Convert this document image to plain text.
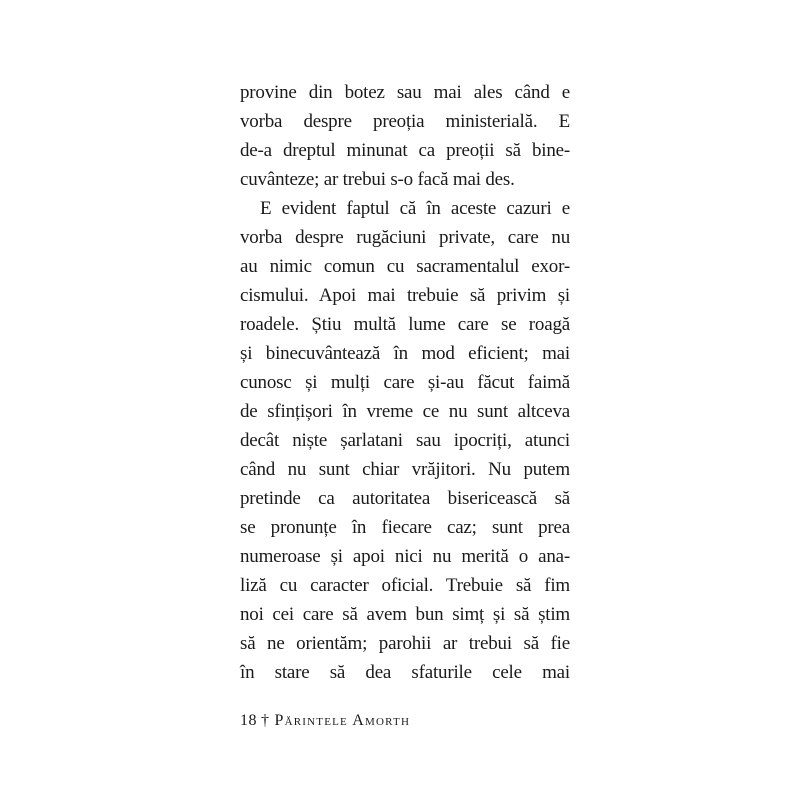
provine din botez sau mai ales când e
vorba despre preoția ministerială. E
de-a dreptul minunat ca preoții să bine-
cuvânteze; ar trebui s-o facă mai des.
E evident faptul că în aceste cazuri e
vorba despre rugăciuni private, care nu
au nimic comun cu sacramentalul exor-
cismului. Apoi mai trebuie să privim și
roadele. Știu multă lume care se roagă
și binecuvântează în mod eficient; mai
cunosc și mulți care și-au făcut faimă
de sfințișori în vreme ce nu sunt altceva
decât niște șarlatani sau ipocriți, atunci
când nu sunt chiar vrăjitori. Nu putem
pretinde ca autoritatea bisericească să
se pronunțe în fiecare caz; sunt prea
numeroase și apoi nici nu merită o ana-
liză cu caracter oficial. Trebuie să fim
noi cei care să avem bun simț și să știm
să ne orientăm; parohii ar trebui să fie
în stare să dea sfaturile cele mai
18 † Părintele Amorth
